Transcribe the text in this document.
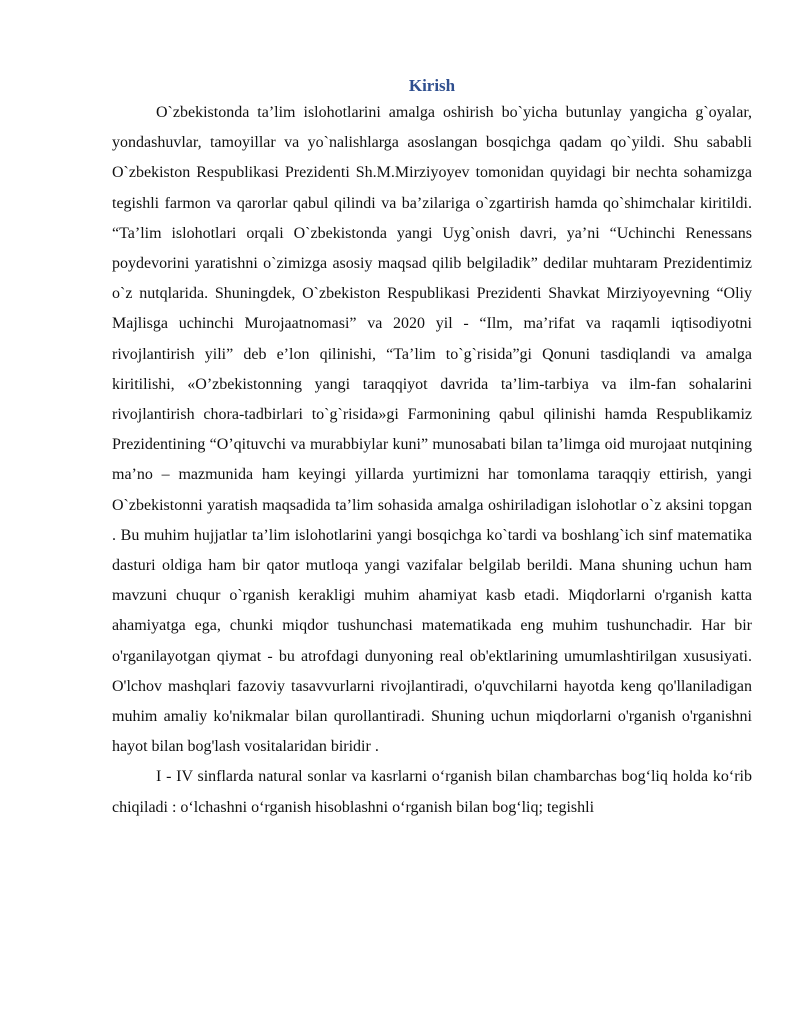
Kirish

O`zbekistonda ta’lim islohotlarini amalga oshirish bo`yicha butunlay yangicha g`oyalar, yondashuvlar, tamoyillar va yo`nalishlarga asoslangan bosqichga qadam qo`yildi. Shu sababli O`zbekiston Respublikasi Prezidenti Sh.M.Mirziyoyev tomonidan quyidagi bir nechta sohamizga tegishli farmon va qarorlar qabul qilindi va ba’zilariga o`zgartirish hamda qo`shimchalar kiritildi. “Ta’lim islohotlari orqali O`zbekistonda yangi Uyg`onish davri, ya’ni “Uchinchi Renessans poydevorini yaratishni o`zimizga asosiy maqsad qilib belgiladik” dedilar muhtaram Prezidentimiz o`z nutqlarida. Shuningdek, O`zbekiston Respublikasi Prezidenti Shavkat Mirziyoyevning “Oliy Majlisga uchinchi Murojaatnomasi” va 2020 yil - “Ilm, ma’rifat va raqamli iqtisodiyotni rivojlantirish yili” deb e’lon qilinishi, “Ta’lim to`g`risida”gi Qonuni tasdiqlandi va amalga kiritilishi, «O’zbekistonning yangi taraqqiyot davrida ta’lim-tarbiya va ilm-fan sohalarini rivojlantirish chora-tadbirlari to`g`risida»gi Farmonining qabul qilinishi hamda Respublikamiz Prezidentining “O’qituvchi va murabbiylar kuni” munosabati bilan ta’limga oid murojaat nutqining ma’no – mazmunida ham keyingi yillarda yurtimizni har tomonlama taraqqiy ettirish, yangi O`zbekistonni yaratish maqsadida ta’lim sohasida amalga oshiriladigan islohotlar o`z aksini topgan . Bu muhim hujjatlar ta’lim islohotlarini yangi bosqichga ko`tardi va boshlang`ich sinf matematika dasturi oldiga ham bir qator mutloqa yangi vazifalar belgilab berildi. Mana shuning uchun ham mavzuni chuqur o`rganish kerakligi muhim ahamiyat kasb etadi. Miqdorlarni o'rganish katta ahamiyatga ega, chunki miqdor tushunchasi matematikada eng muhim tushunchadir. Har bir o'rganilayotgan qiymat - bu atrofdagi dunyoning real ob'ektlarining umumlashtirilgan xususiyati. O'lchov mashqlari fazoviy tasavvurlarni rivojlantiradi, o'quvchilarni hayotda keng qo'llaniladigan muhim amaliy ko'nikmalar bilan qurollantiradi. Shuning uchun miqdorlarni o'rganish o'rganishni hayot bilan bog'lash vositalaridan biridir .

I - IV sinflarda natural sonlar va kasrlarni o‘rganish bilan chambarchas bog‘liq holda ko‘rib chiqiladi : o‘lchashni o‘rganish hisoblashni o‘rganish bilan bog‘liq; tegishli
